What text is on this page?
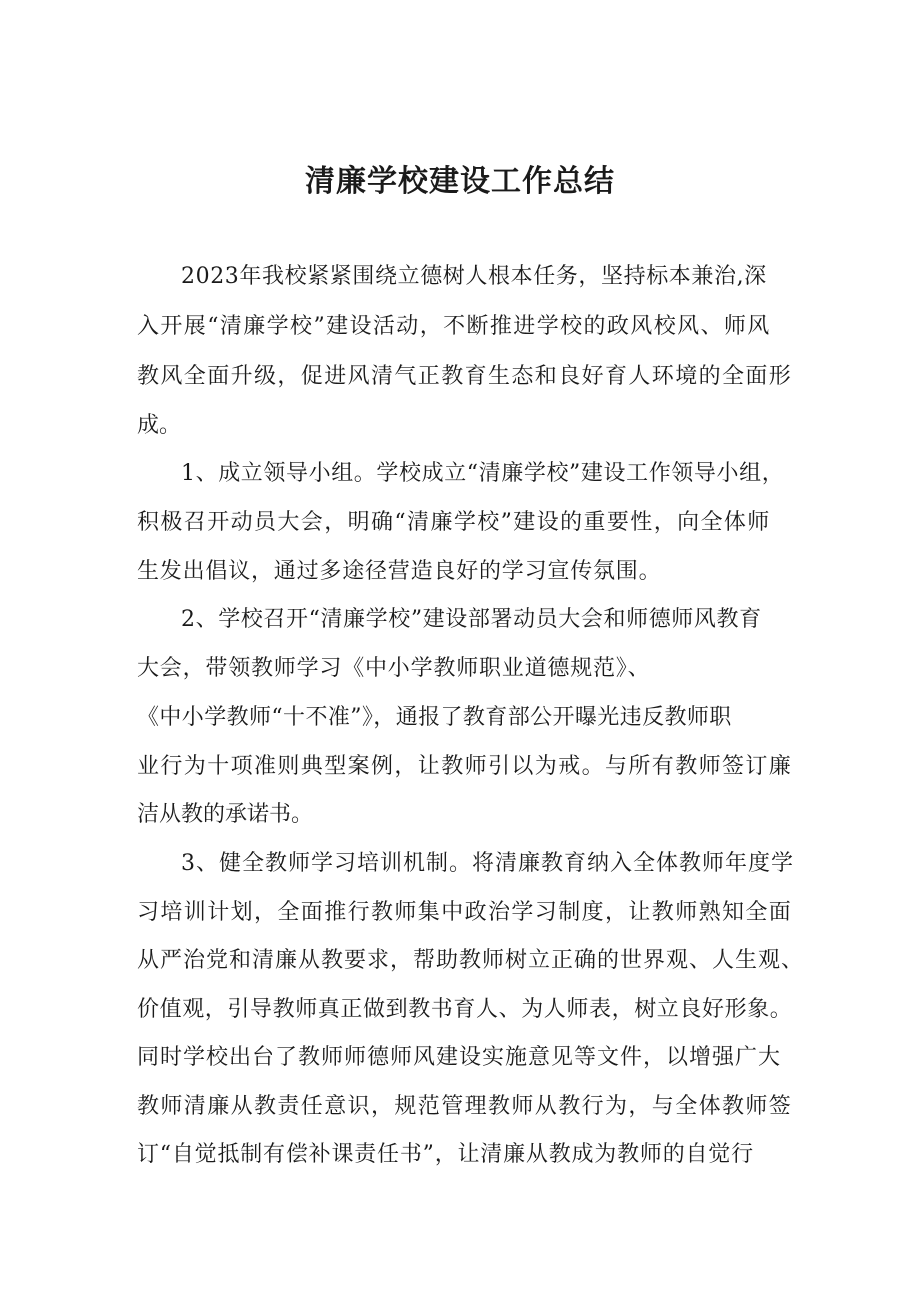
清廉学校建设工作总结
2023年我校紧紧围绕立德树人根本任务，坚持标本兼治,深
入开展“清廉学校”建设活动，不断推进学校的政风校风、师风
教风全面升级，促进风清气正教育生态和良好育人环境的全面形
成。
1、成立领导小组。学校成立“清廉学校”建设工作领导小组，
积极召开动员大会，明确“清廉学校”建设的重要性，向全体师
生发出倡议，通过多途径营造良好的学习宣传氛围。
2、学校召开“清廉学校”建设部署动员大会和师德师风教育
大会，带领教师学习《中小学教师职业道德规范》、
《中小学教师“十不准”》，通报了教育部公开曝光违反教师职
业行为十项准则典型案例，让教师引以为戒。与所有教师签订廉
洁从教的承诺书。
3、健全教师学习培训机制。将清廉教育纳入全体教师年度学
习培训计划，全面推行教师集中政治学习制度，让教师熟知全面
从严治党和清廉从教要求，帮助教师树立正确的世界观、人生观、
价值观，引导教师真正做到教书育人、为人师表，树立良好形象。
同时学校出台了教师师德师风建设实施意见等文件，以增强广大
教师清廉从教责任意识，规范管理教师从教行为，与全体教师签
订“自觉抵制有偿补课责任书”，让清廉从教成为教师的自觉行
